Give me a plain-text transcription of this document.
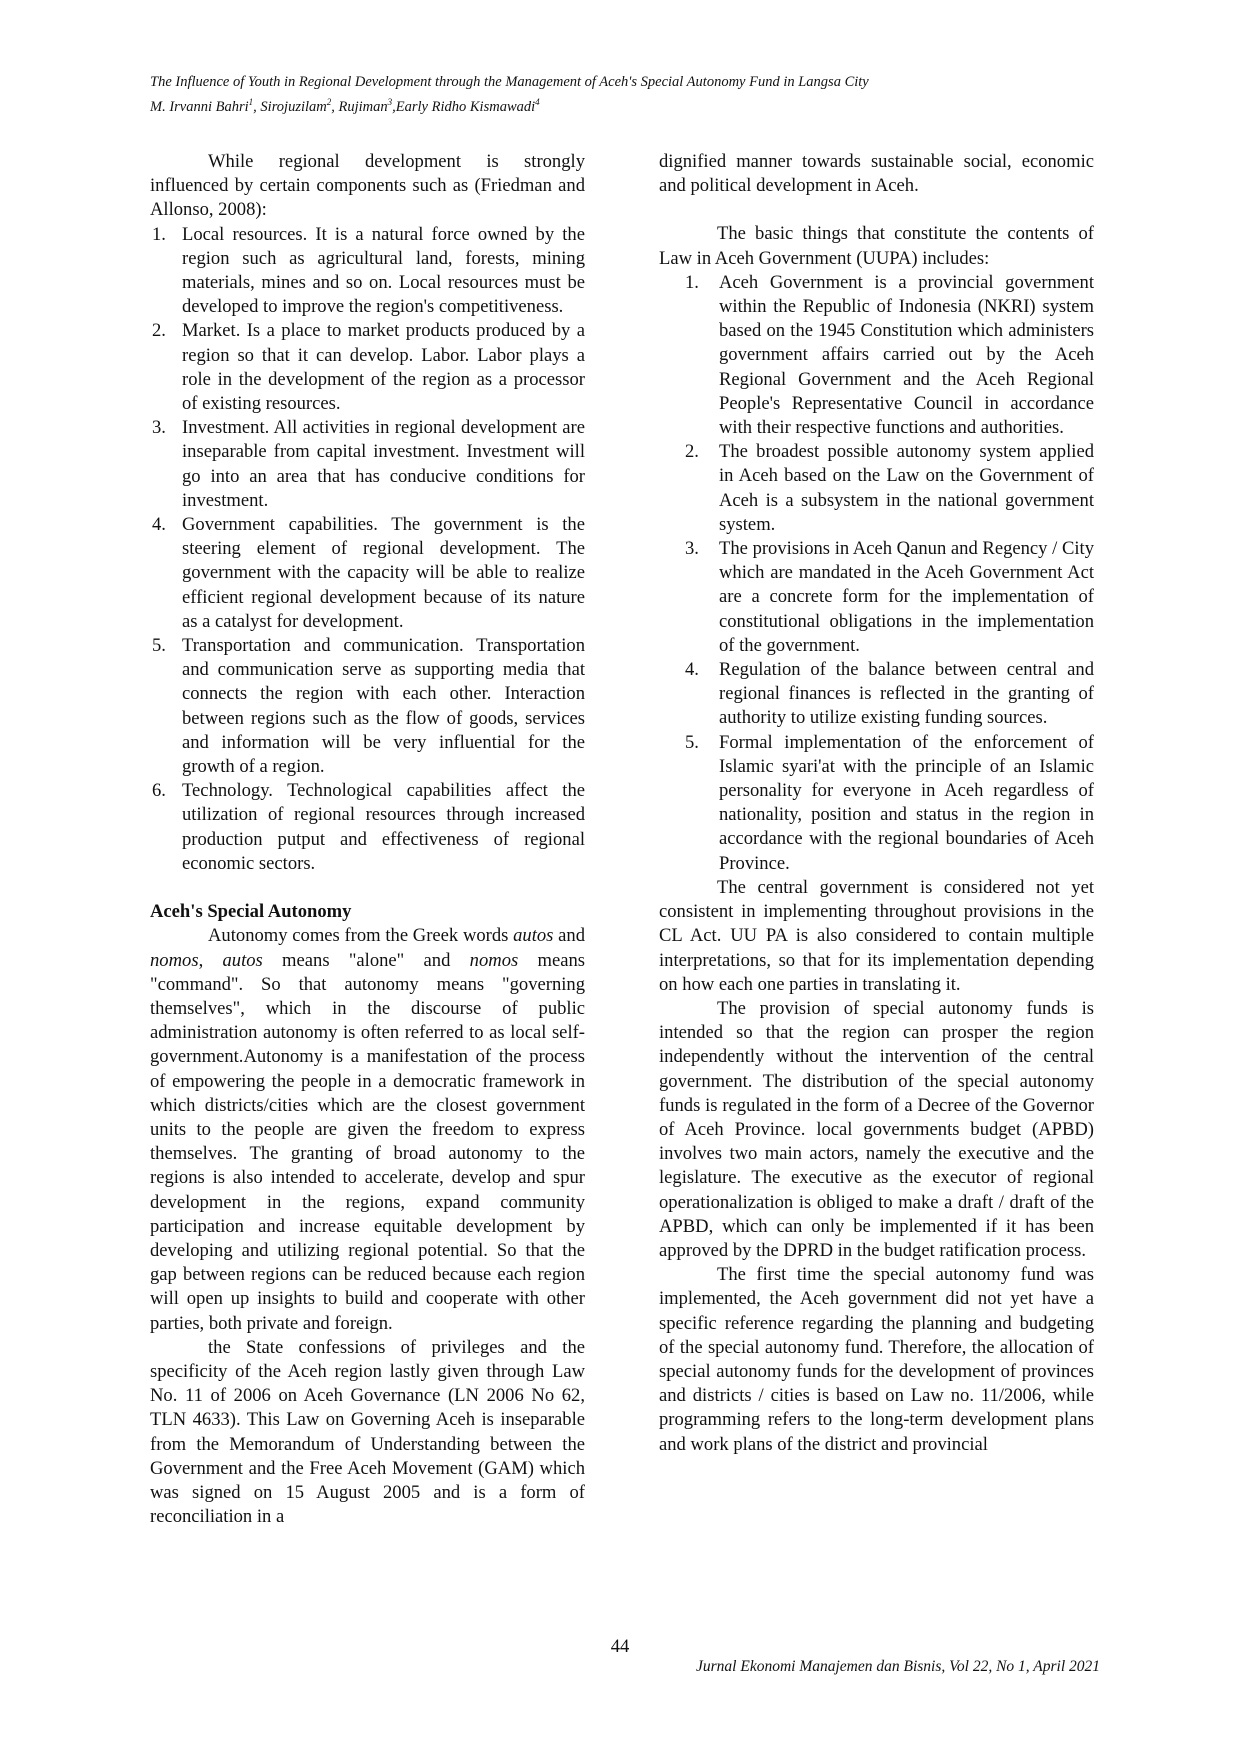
The Influence of Youth in Regional Development through the Management of Aceh's Special Autonomy Fund in Langsa City
M. Irvanni Bahri$^1$, Sirojuzilam$^2$, Rujiman$^3$,Early Ridho Kismawadi$^4$

While regional development is strongly influenced by certain components such as (Friedman and Allonso, 2008):

1. Local resources. It is a natural force owned by the region such as agricultural land, forests, mining materials, mines and so on. Local resources must be developed to improve the region's competitiveness.
2. Market. Is a place to market products produced by a region so that it can develop. Labor. Labor plays a role in the development of the region as a processor of existing resources.
3. Investment. All activities in regional development are inseparable from capital investment. Investment will go into an area that has conducive conditions for investment.
4. Government capabilities. The government is the steering element of regional development. The government with the capacity will be able to realize efficient regional development because of its nature as a catalyst for development.
5. Transportation and communication. Transportation and communication serve as supporting media that connects the region with each other. Interaction between regions such as the flow of goods, services and information will be very influential for the growth of a region.
6. Technology. Technological capabilities affect the utilization of regional resources through increased production putput and effectiveness of regional economic sectors.

Aceh's Special Autonomy

Autonomy comes from the Greek words autos and nomos, autos means "alone" and nomos means "command". So that autonomy means "governing themselves", which in the discourse of public administration autonomy is often referred to as local self-government.Autonomy is a manifestation of the process of empowering the people in a democratic framework in which districts/cities which are the closest government units to the people are given the freedom to express themselves. The granting of broad autonomy to the regions is also intended to accelerate, develop and spur development in the regions, expand community participation and increase equitable development by developing and utilizing regional potential. So that the gap between regions can be reduced because each region will open up insights to build and cooperate with other parties, both private and foreign.

the State confessions of privileges and the specificity of the Aceh region lastly given through Law No. 11 of 2006 on Aceh Governance (LN 2006 No 62, TLN 4633). This Law on Governing Aceh is inseparable from the Memorandum of Understanding between the Government and the Free Aceh Movement (GAM) which was signed on 15 August 2005 and is a form of reconciliation in a

dignified manner towards sustainable social, economic and political development in Aceh.

The basic things that constitute the contents of Law in Aceh Government (UUPA) includes:

1. Aceh Government is a provincial government within the Republic of Indonesia (NKRI) system based on the 1945 Constitution which administers government affairs carried out by the Aceh Regional Government and the Aceh Regional People's Representative Council in accordance with their respective functions and authorities.
2. The broadest possible autonomy system applied in Aceh based on the Law on the Government of Aceh is a subsystem in the national government system.
3. The provisions in Aceh Qanun and Regency / City which are mandated in the Aceh Government Act are a concrete form for the implementation of constitutional obligations in the implementation of the government.
4. Regulation of the balance between central and regional finances is reflected in the granting of authority to utilize existing funding sources.
5. Formal implementation of the enforcement of Islamic syari'at with the principle of an Islamic personality for everyone in Aceh regardless of nationality, position and status in the region in accordance with the regional boundaries of Aceh Province.

The central government is considered not yet consistent in implementing throughout provisions in the CL Act. UU PA is also considered to contain multiple interpretations, so that for its implementation depending on how each one parties in translating it.

The provision of special autonomy funds is intended so that the region can prosper the region independently without the intervention of the central government. The distribution of the special autonomy funds is regulated in the form of a Decree of the Governor of Aceh Province. local governments budget (APBD) involves two main actors, namely the executive and the legislature. The executive as the executor of regional operationalization is obliged to make a draft / draft of the APBD, which can only be implemented if it has been approved by the DPRD in the budget ratification process.

The first time the special autonomy fund was implemented, the Aceh government did not yet have a specific reference regarding the planning and budgeting of the special autonomy fund. Therefore, the allocation of special autonomy funds for the development of provinces and districts / cities is based on Law no. 11/2006, while programming refers to the long-term development plans and work plans of the district and provincial

44
Jurnal Ekonomi Manajemen dan Bisnis, Vol 22, No 1, April 2021
